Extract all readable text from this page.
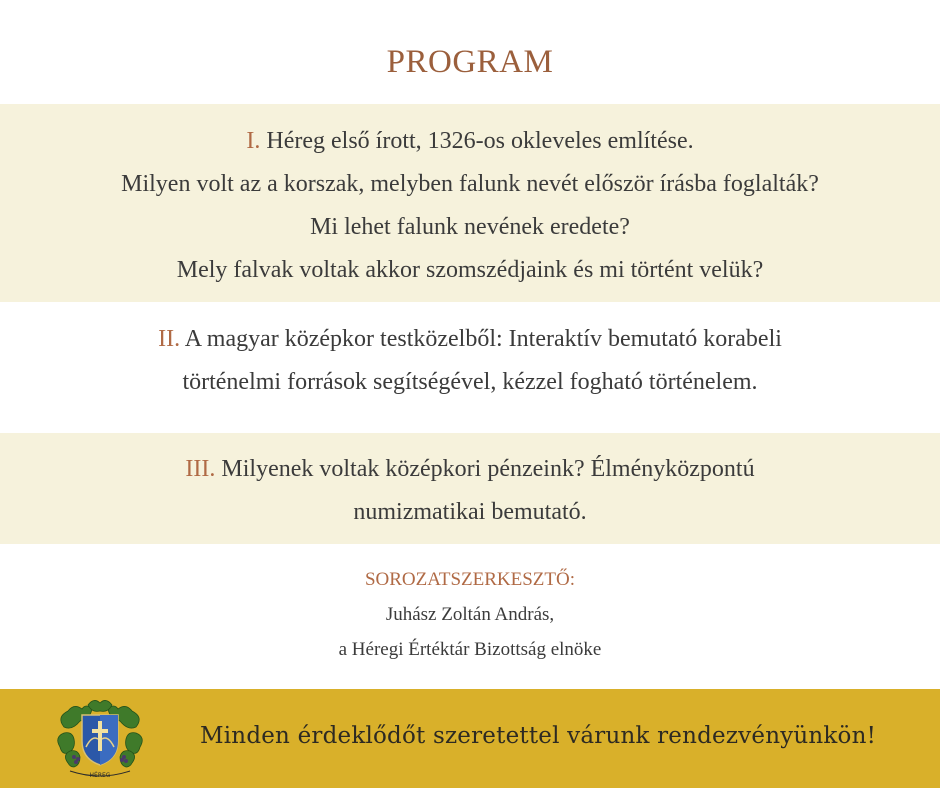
PROGRAM
I. Héreg első írott, 1326-os okleveles említése.
Milyen volt az a korszak, melyben falunk nevét először írásba foglalták?
Mi lehet falunk nevének eredete?
Mely falvak voltak akkor szomszédjaink és mi történt velük?
II. A magyar középkor testközelből: Interaktív bemutató korabeli
történelmi források segítségével, kézzel fogható történelem.
III. Milyenek voltak középkori pénzeink? Élményközpontú
numizmatikai bemutató.
SOROZATSZERKESZTŐ:
Juhász Zoltán András,
a Héregi Értéktár Bizottság elnöke
HÉREG
Minden érdeklődőt szeretettel várunk rendezvényünkön!
